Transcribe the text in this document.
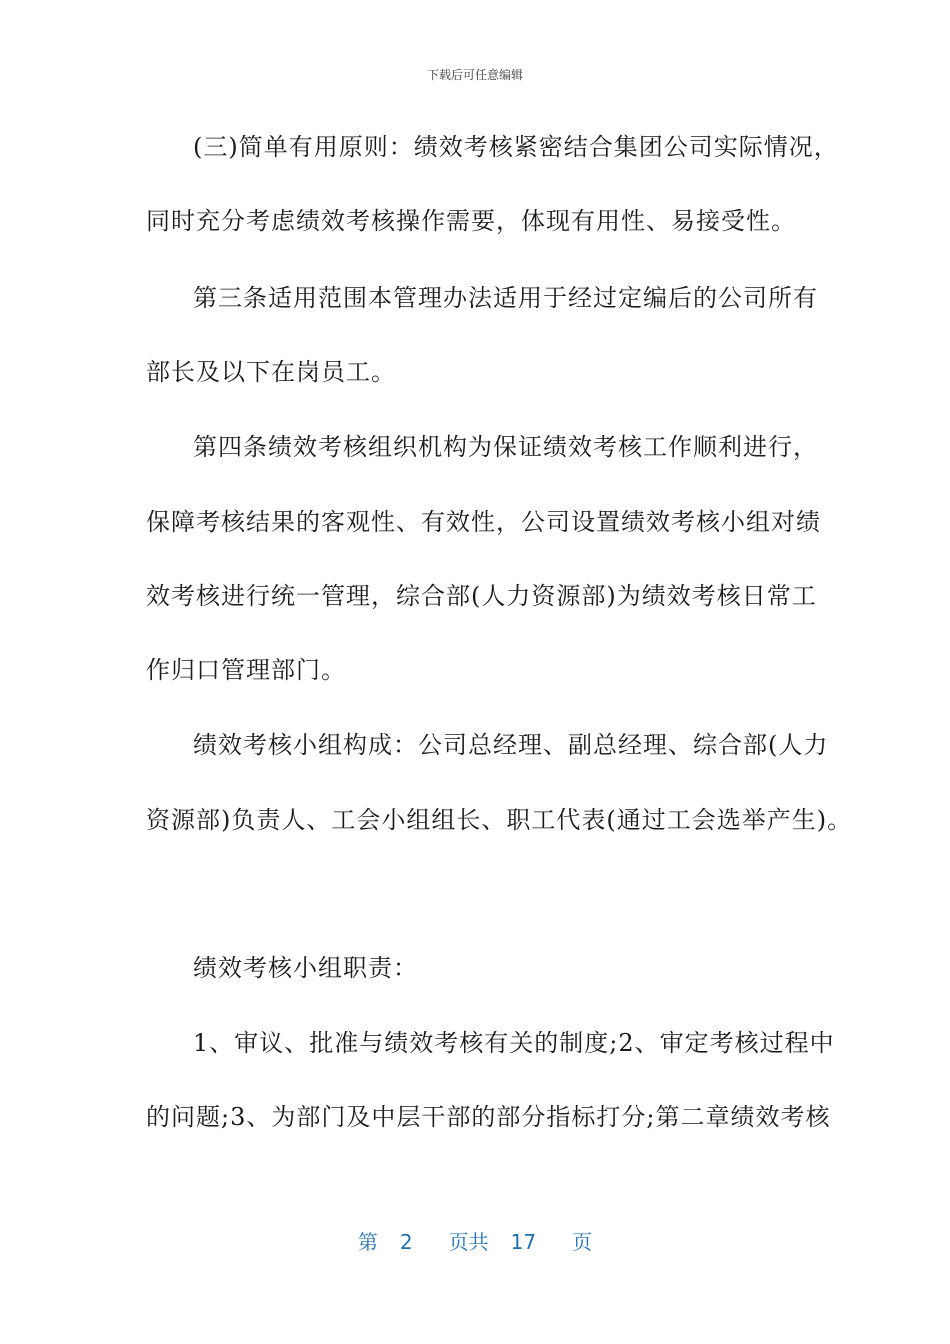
下载后可任意编辑
(三)简单有用原则：绩效考核紧密结合集团公司实际情况，
同时充分考虑绩效考核操作需要，体现有用性、易接受性。
第三条适用范围本管理办法适用于经过定编后的公司所有
部长及以下在岗员工。
第四条绩效考核组织机构为保证绩效考核工作顺利进行，
保障考核结果的客观性、有效性，公司设置绩效考核小组对绩
效考核进行统一管理，综合部(人力资源部)为绩效考核日常工
作归口管理部门。
绩效考核小组构成：公司总经理、副总经理、综合部(人力
资源部)负责人、工会小组组长、职工代表(通过工会选举产生)。
绩效考核小组职责：
1、审议、批准与绩效考核有关的制度;2、审定考核过程中
的问题;3、为部门及中层干部的部分指标打分;第二章绩效考核
第 2 页共 17 页
